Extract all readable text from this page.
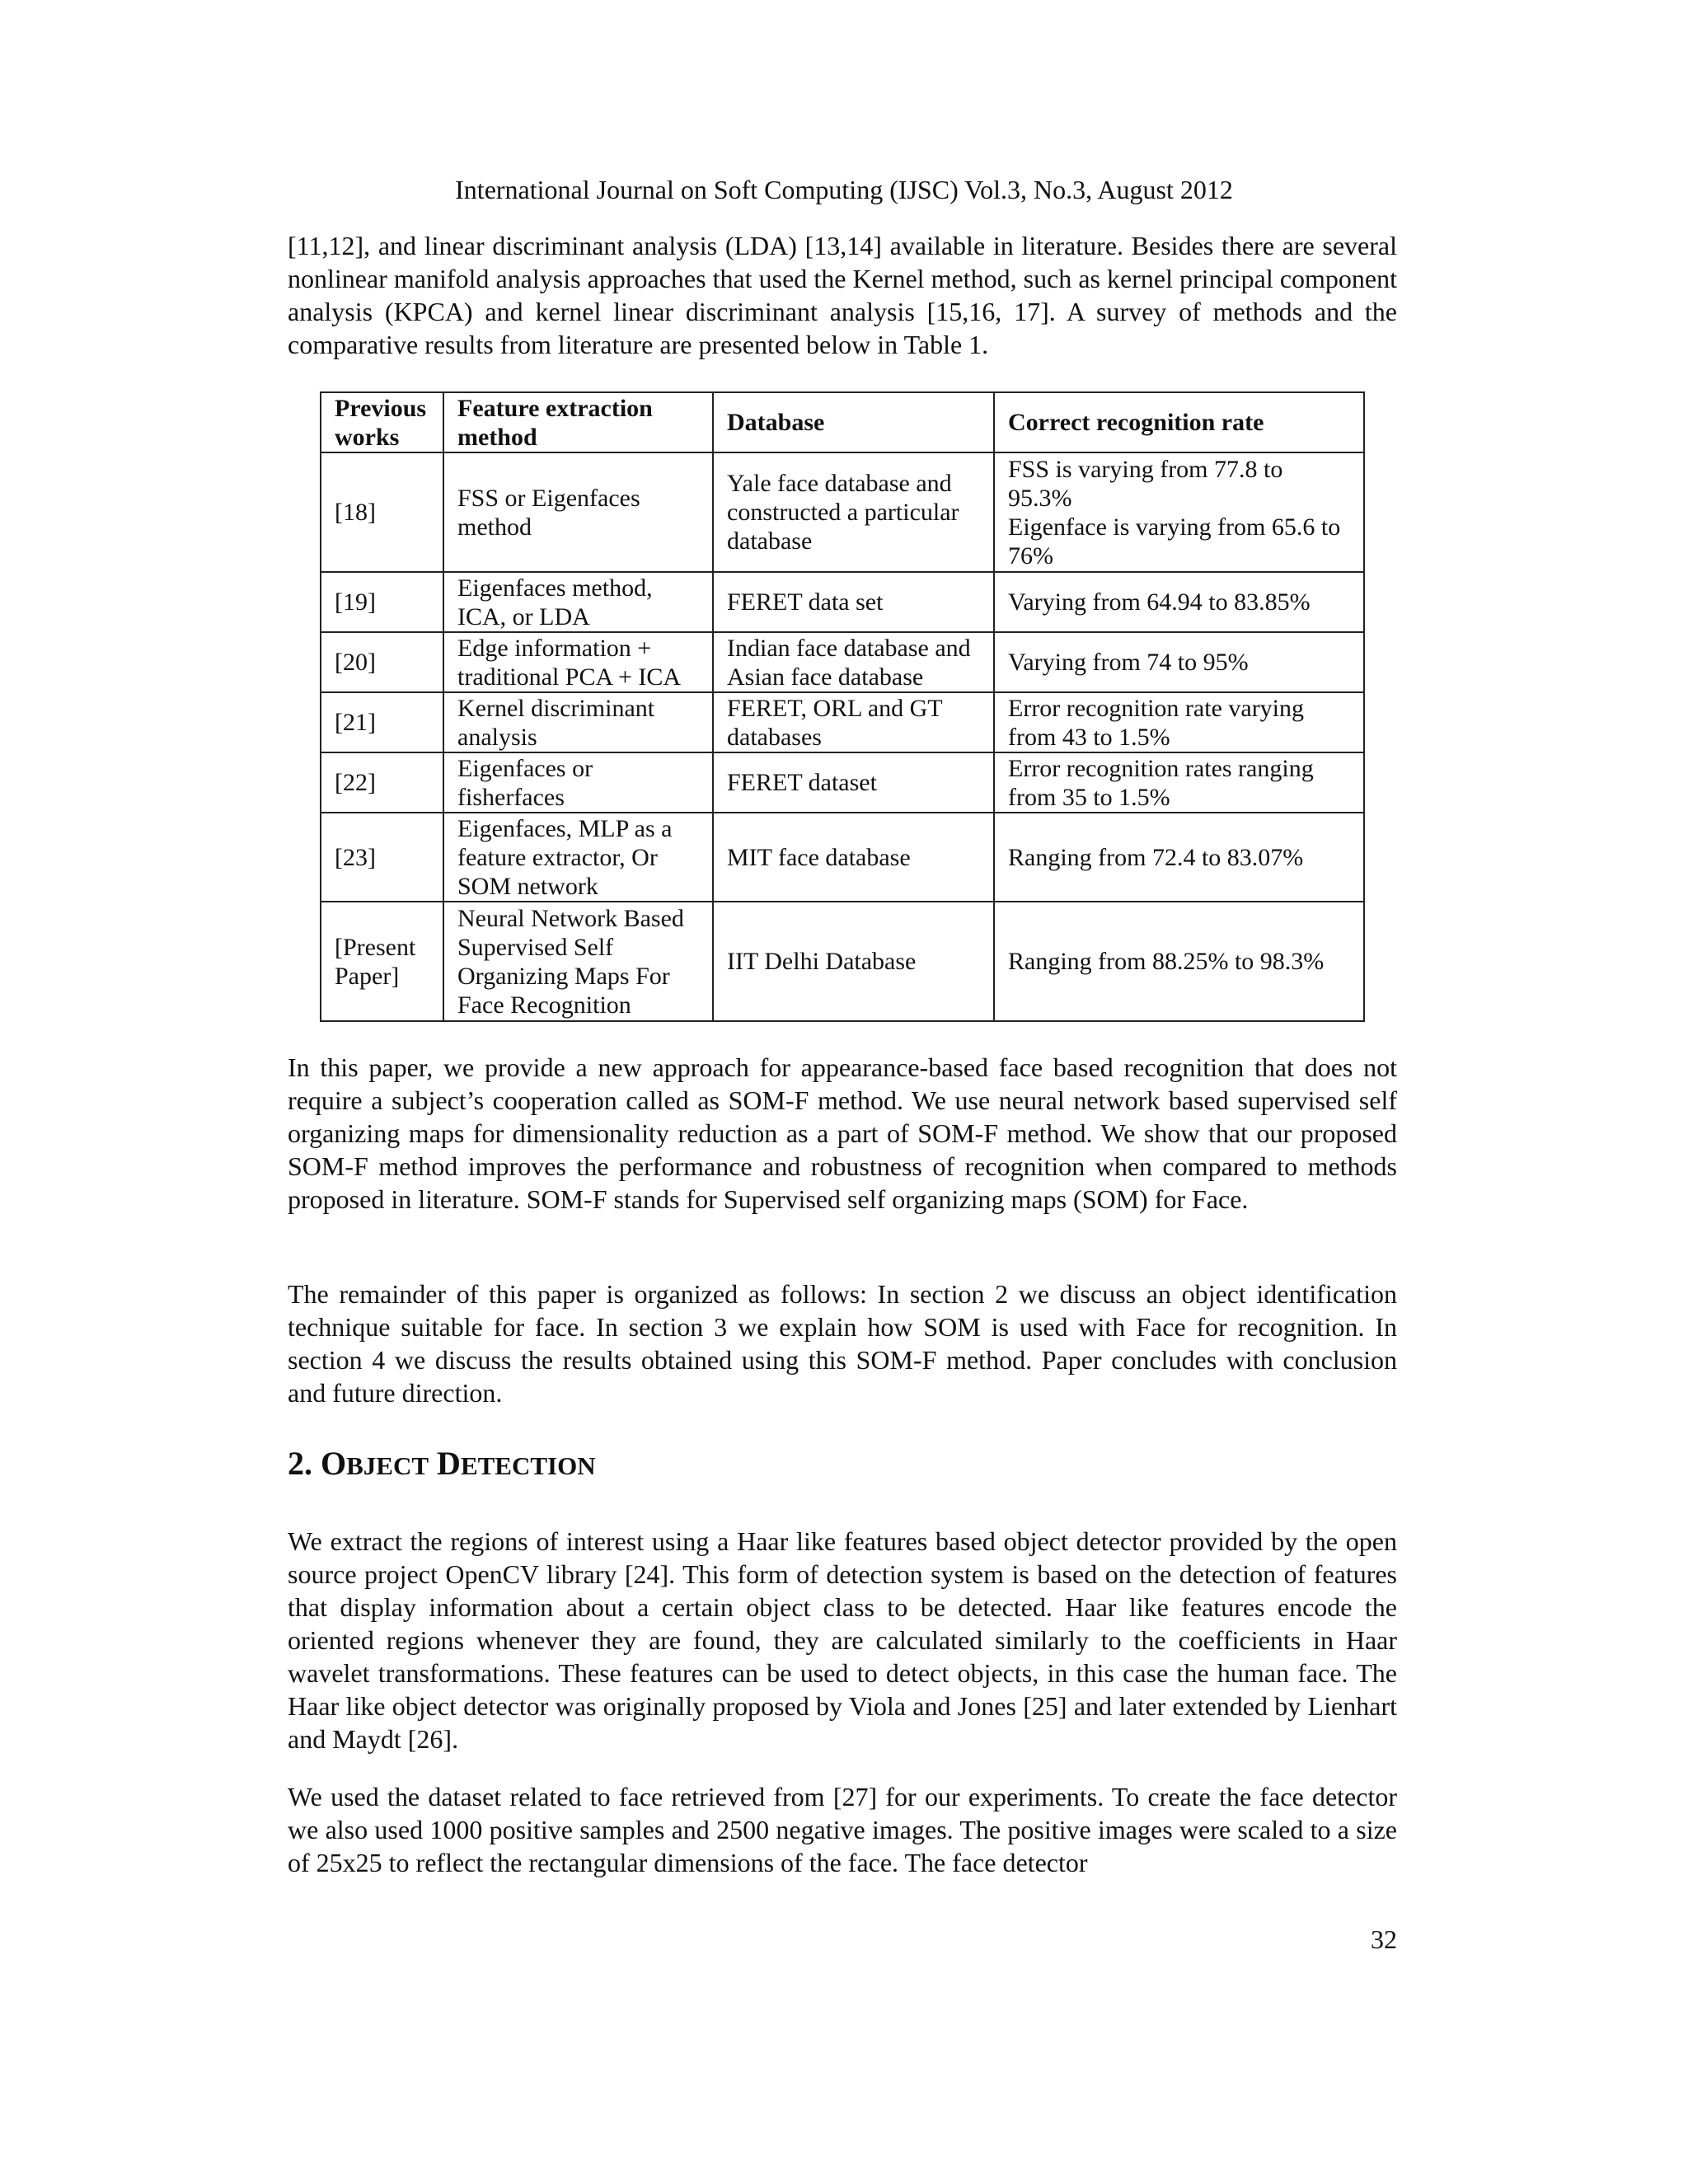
International Journal on Soft Computing (IJSC) Vol.3, No.3, August 2012

[11,12], and linear discriminant analysis (LDA) [13,14] available in literature. Besides there are several nonlinear manifold analysis approaches that used the Kernel method, such as kernel principal component analysis (KPCA) and kernel linear discriminant analysis [15,16, 17]. A survey of methods and the comparative results from literature are presented below in Table 1.

Previous works	Feature extraction method	Database	Correct recognition rate
[18]	FSS or Eigenfaces method	Yale face database and constructed a particular database	FSS is varying from 77.8 to 95.3%
Eigenface is varying from 65.6 to 76%

[19]	Eigenfaces method, ICA, or LDA	FERET data set	Varying from 64.94 to 83.85%
[20]	Edge information + traditional PCA + ICA	Indian face database and Asian face database	Varying from 74 to 95%
[21]	Kernel discriminant analysis	FERET, ORL and GT databases	Error recognition rate varying from 43 to 1.5%
[22]	Eigenfaces or fisherfaces	FERET dataset	Error recognition rates ranging from 35 to 1.5%
[23]	Eigenfaces, MLP as a feature extractor, Or SOM network	MIT face database	Ranging from 72.4 to 83.07%
[Present Paper]	Neural Network Based Supervised Self Organizing Maps For Face Recognition	IIT Delhi Database	Ranging from 88.25% to 98.3%

In this paper, we provide a new approach for appearance-based face based recognition that does not require a subject’s cooperation called as SOM-F method. We use neural network based supervised self organizing maps for dimensionality reduction as a part of SOM-F method. We show that our proposed SOM-F method improves the performance and robustness of recognition when compared to methods proposed in literature. SOM-F stands for Supervised self organizing maps (SOM) for Face.

The remainder of this paper is organized as follows: In section 2 we discuss an object identification technique suitable for face. In section 3 we explain how SOM is used with Face for recognition. In section 4 we discuss the results obtained using this SOM-F method. Paper concludes with conclusion and future direction.

2. OBJECT DETECTION

We extract the regions of interest using a Haar like features based object detector provided by the open source project OpenCV library [24]. This form of detection system is based on the detection of features that display information about a certain object class to be detected. Haar like features encode the oriented regions whenever they are found, they are calculated similarly to the coefficients in Haar wavelet transformations. These features can be used to detect objects, in this case the human face. The Haar like object detector was originally proposed by Viola and Jones [25] and later extended by Lienhart and Maydt [26].

We used the dataset related to face retrieved from [27] for our experiments. To create the face detector we also used 1000 positive samples and 2500 negative images. The positive images were scaled to a size of 25x25 to reflect the rectangular dimensions of the face. The face detector

32
